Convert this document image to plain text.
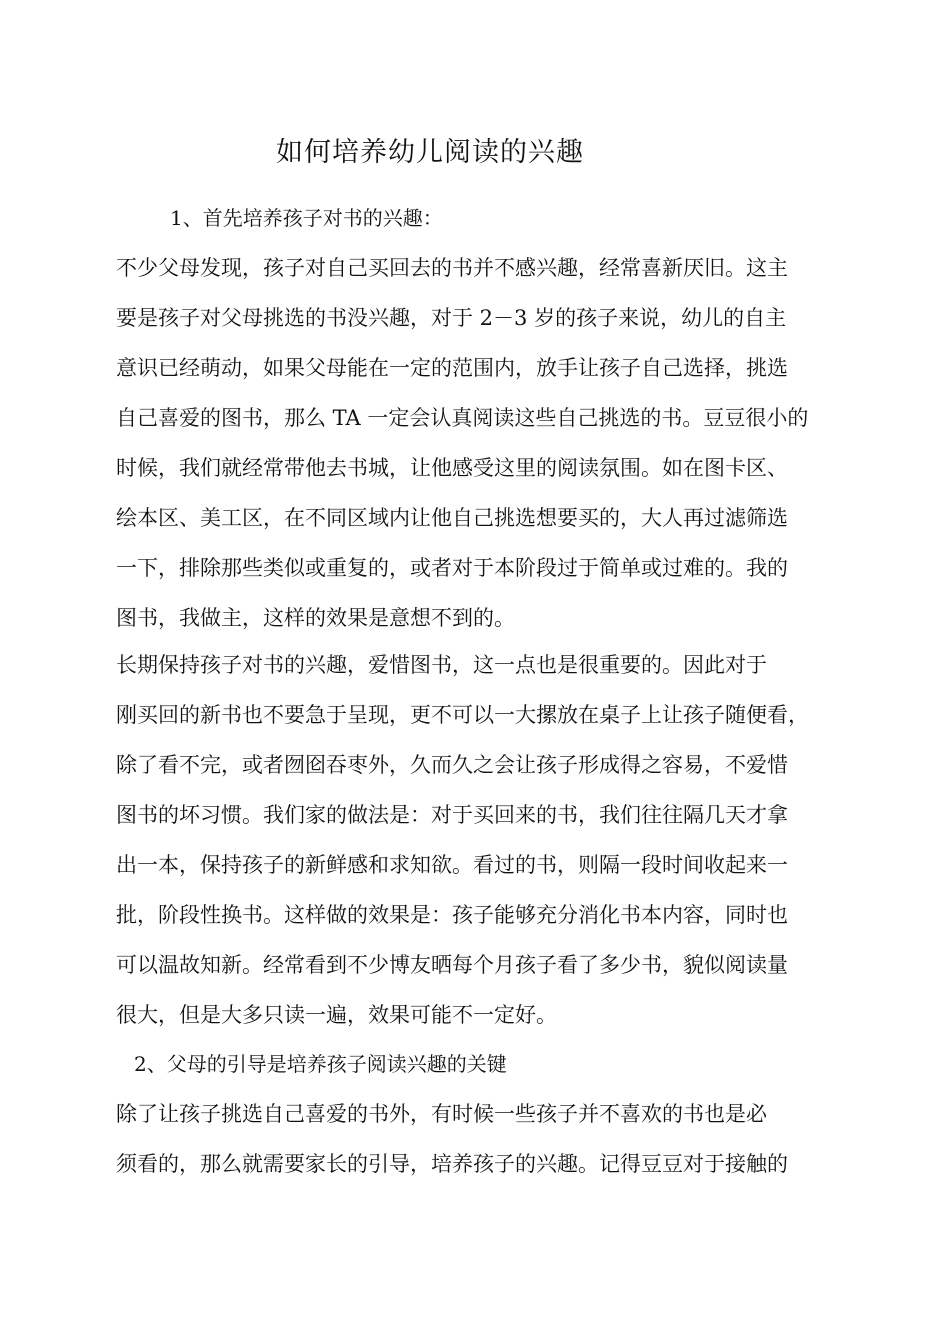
如何培养幼儿阅读的兴趣
1、首先培养孩子对书的兴趣：
不少父母发现，孩子对自己买回去的书并不感兴趣，经常喜新厌旧。这主
要是孩子对父母挑选的书没兴趣，对于 2－3 岁的孩子来说，幼儿的自主
意识已经萌动，如果父母能在一定的范围内，放手让孩子自己选择，挑选
自己喜爱的图书，那么 TA 一定会认真阅读这些自己挑选的书。豆豆很小的
时候，我们就经常带他去书城，让他感受这里的阅读氛围。如在图卡区、
绘本区、美工区，在不同区域内让他自己挑选想要买的，大人再过滤筛选
一下，排除那些类似或重复的，或者对于本阶段过于简单或过难的。我的
图书，我做主，这样的效果是意想不到的。
长期保持孩子对书的兴趣，爱惜图书，这一点也是很重要的。因此对于
刚买回的新书也不要急于呈现，更不可以一大摞放在桌子上让孩子随便看，
除了看不完，或者囫囵吞枣外，久而久之会让孩子形成得之容易，不爱惜
图书的坏习惯。我们家的做法是：对于买回来的书，我们往往隔几天才拿
出一本，保持孩子的新鲜感和求知欲。看过的书，则隔一段时间收起来一
批，阶段性换书。这样做的效果是：孩子能够充分消化书本内容，同时也
可以温故知新。经常看到不少博友晒每个月孩子看了多少书，貌似阅读量
很大，但是大多只读一遍，效果可能不一定好。
2、父母的引导是培养孩子阅读兴趣的关键
除了让孩子挑选自己喜爱的书外，有时候一些孩子并不喜欢的书也是必
须看的，那么就需要家长的引导，培养孩子的兴趣。记得豆豆对于接触的
